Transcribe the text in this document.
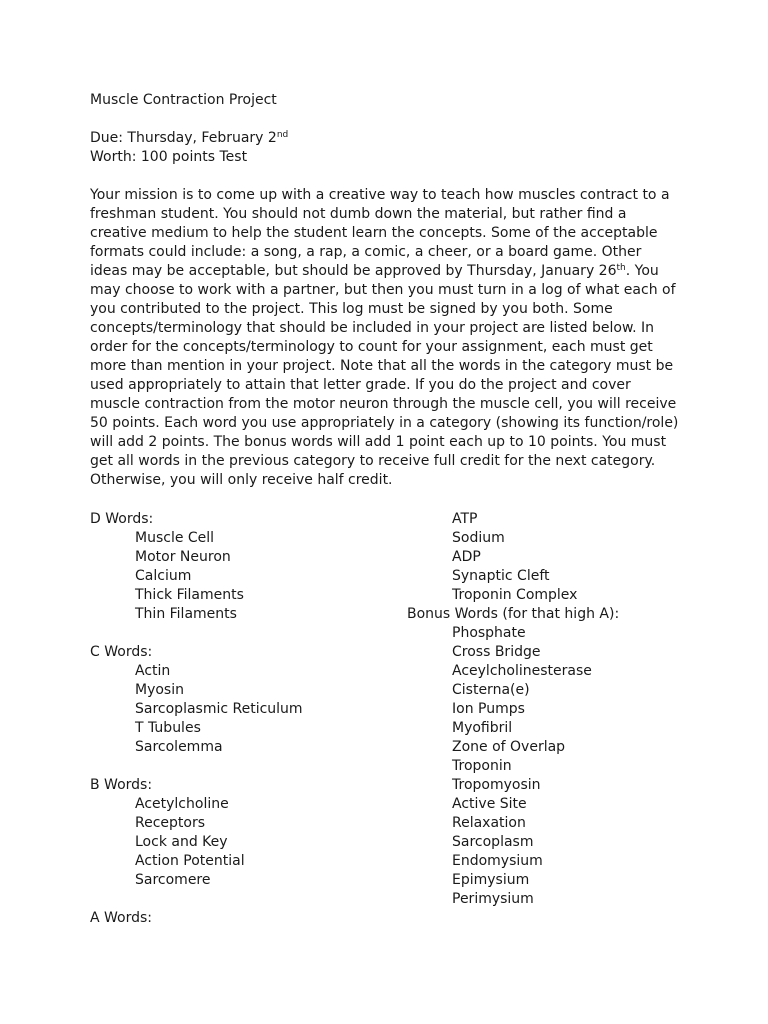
Muscle Contraction Project
Due: Thursday, February 2nd
Worth: 100 points Test
Your mission is to come up with a creative way to teach how muscles contract to a
freshman student. You should not dumb down the material, but rather find a
creative medium to help the student learn the concepts. Some of the acceptable
formats could include: a song, a rap, a comic, a cheer, or a board game. Other
ideas may be acceptable, but should be approved by Thursday, January 26th. You
may choose to work with a partner, but then you must turn in a log of what each of
you contributed to the project. This log must be signed by you both. Some
concepts/terminology that should be included in your project are listed below. In
order for the concepts/terminology to count for your assignment, each must get
more than mention in your project. Note that all the words in the category must be
used appropriately to attain that letter grade. If you do the project and cover
muscle contraction from the motor neuron through the muscle cell, you will receive
50 points. Each word you use appropriately in a category (showing its function/role)
will add 2 points. The bonus words will add 1 point each up to 10 points. You must
get all words in the previous category to receive full credit for the next category.
Otherwise, you will only receive half credit.
D Words:
Muscle Cell
Motor Neuron
Calcium
Thick Filaments
Thin Filaments
C Words:
Actin
Myosin
Sarcoplasmic Reticulum
T Tubules
Sarcolemma
B Words:
Acetylcholine
Receptors
Lock and Key
Action Potential
Sarcomere
A Words:
ATP
Sodium
ADP
Synaptic Cleft
Troponin Complex
Bonus Words (for that high A):
Phosphate
Cross Bridge
Aceylcholinesterase
Cisterna(e)
Ion Pumps
Myofibril
Zone of Overlap
Troponin
Tropomyosin
Active Site
Relaxation
Sarcoplasm
Endomysium
Epimysium
Perimysium
